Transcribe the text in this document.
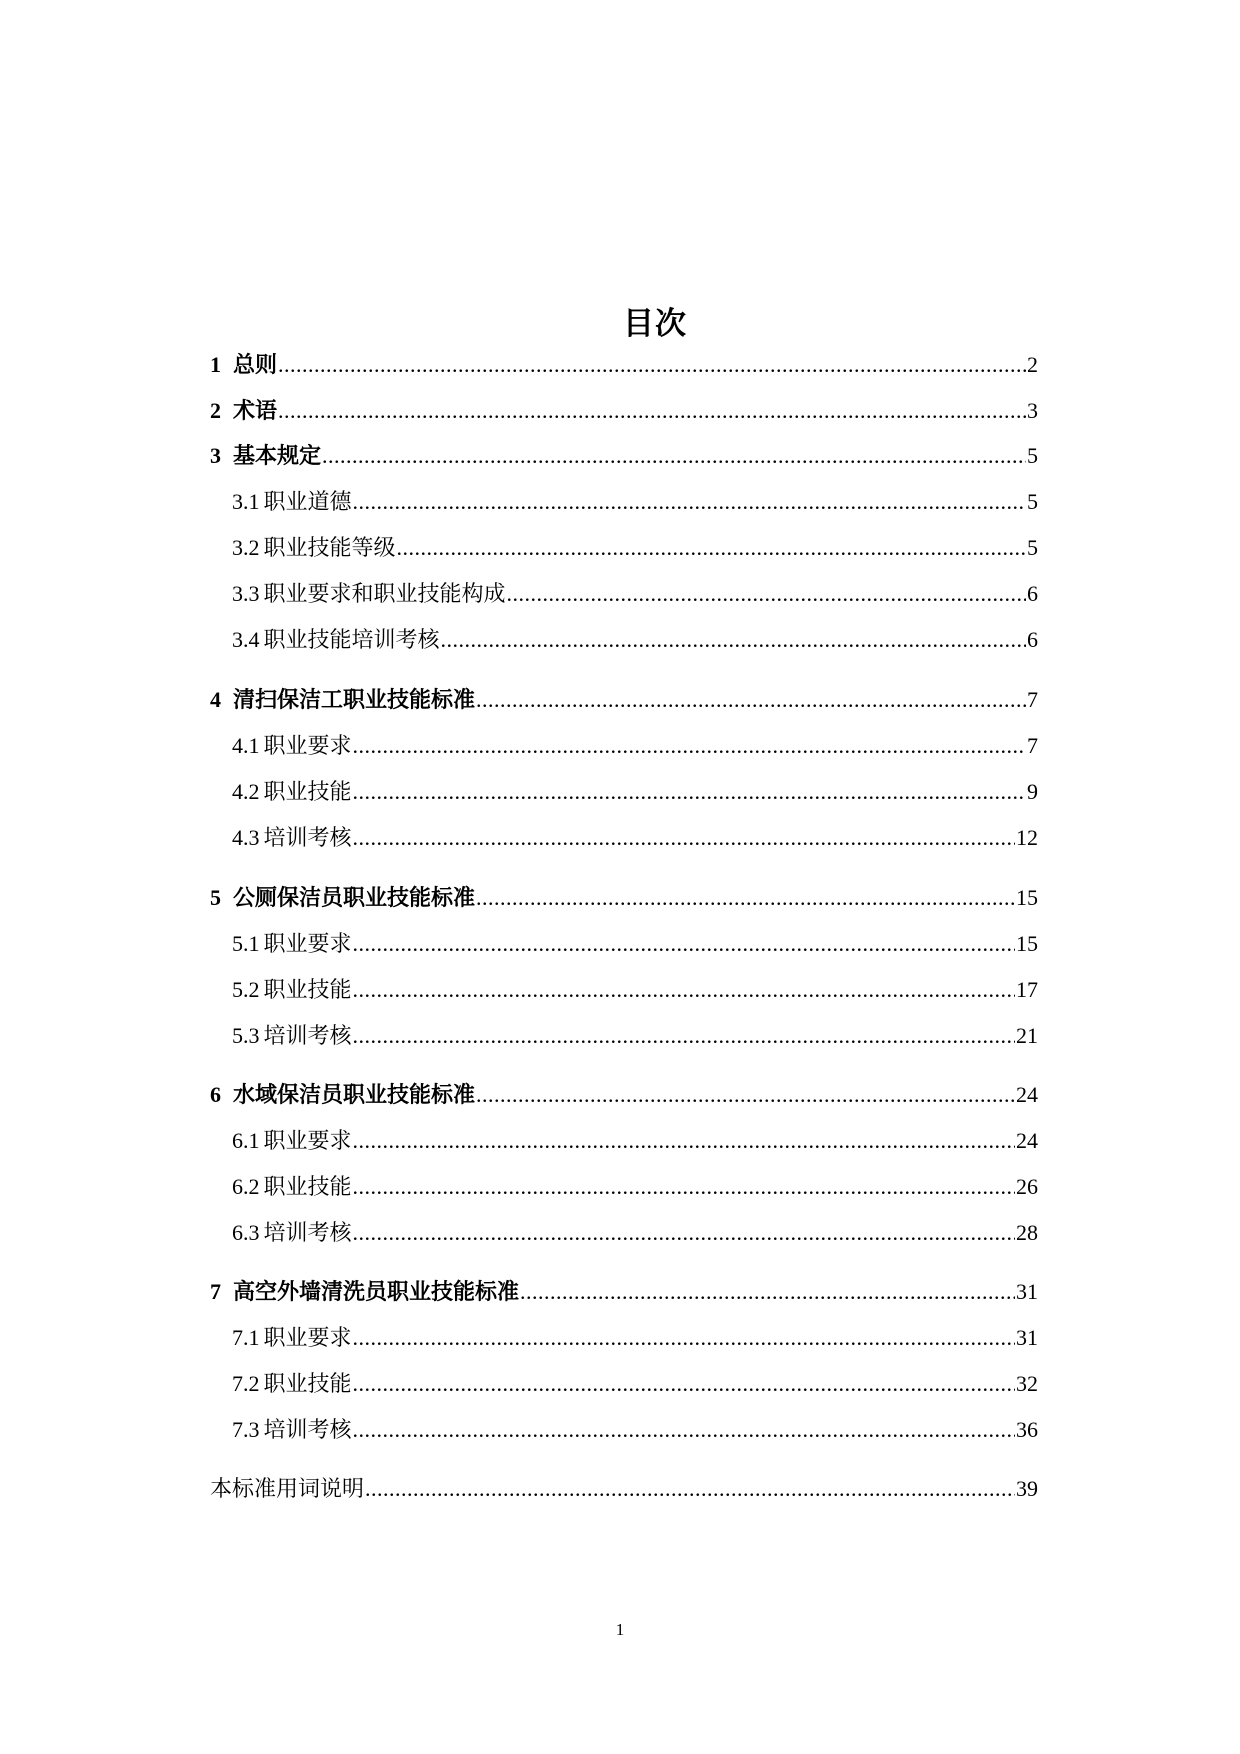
目次
1 总则 .....	2
2 术语 .....	3
3 基本规定 .....	5
3.1 职业道德 .....	5
3.2 职业技能等级 .....	5
3.3 职业要求和职业技能构成 .....	6
3.4 职业技能培训考核 .....	6
4 清扫保洁工职业技能标准 .....	7
4.1 职业要求 .....	7
4.2 职业技能 .....	9
4.3 培训考核 .....	12
5 公厕保洁员职业技能标准 .....	15
5.1 职业要求 .....	15
5.2 职业技能 .....	17
5.3 培训考核 .....	21
6 水域保洁员职业技能标准 .....	24
6.1 职业要求 .....	24
6.2 职业技能 .....	26
6.3 培训考核 .....	28
7 高空外墙清洗员职业技能标准 .....	31
7.1 职业要求 .....	31
7.2 职业技能 .....	32
7.3 培训考核 .....	36
本标准用词说明 .....	39
1
